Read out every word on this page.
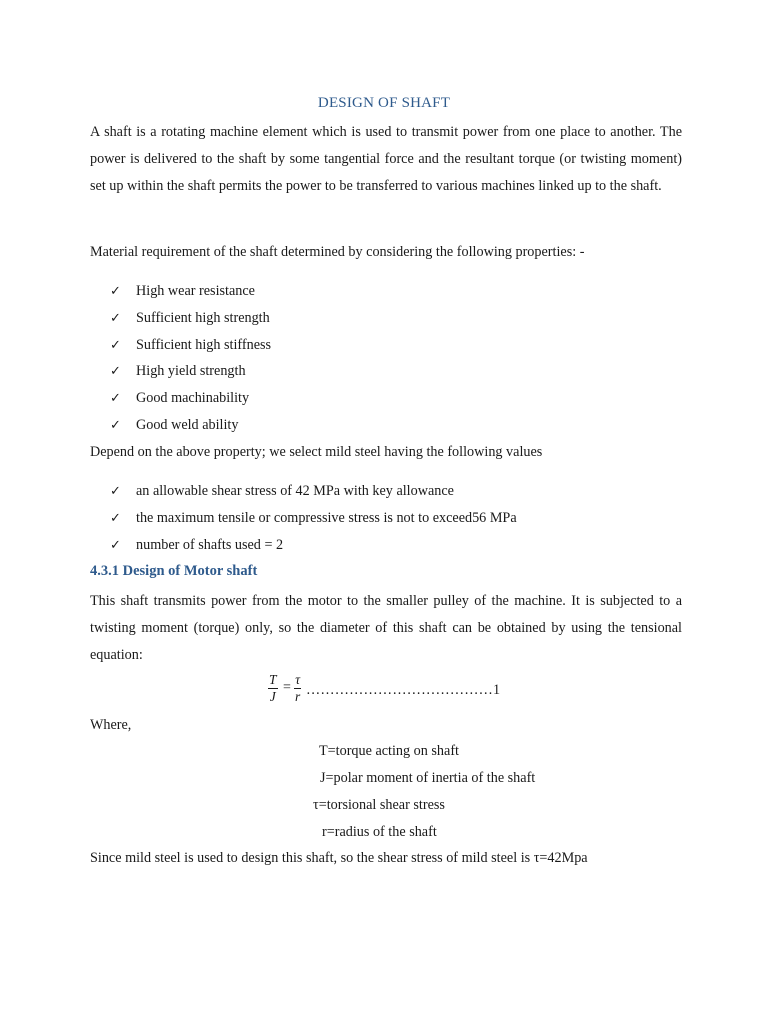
DESIGN OF SHAFT
A shaft is a rotating machine element which is used to transmit power from one place to another. The power is delivered to the shaft by some tangential force and the resultant torque (or twisting moment) set up within the shaft permits the power to be transferred to various machines linked up to the shaft.
Material requirement of the shaft determined by considering the following properties: -
✓ High wear resistance
✓ Sufficient high strength
✓ Sufficient high stiffness
✓ High yield strength
✓ Good machinability
✓ Good weld ability
Depend on the above property; we select mild steel having the following values
✓ an allowable shear stress of 42 MPa with key allowance
✓ the maximum tensile or compressive stress is not to exceed56 MPa
✓ number of shafts used = 2
4.3.1 Design of Motor shaft
This shaft transmits power from the motor to the smaller pulley of the machine. It is subjected to a twisting moment (torque) only, so the diameter of this shaft can be obtained by using the tensional equation:
$\frac{T}{J} = \frac{\tau}{r}$ …………………………………1
Where,
T=torque acting on shaft
J=polar moment of inertia of the shaft
τ=torsional shear stress
r=radius of the shaft
Since mild steel is used to design this shaft, so the shear stress of mild steel is τ=42Mpa
